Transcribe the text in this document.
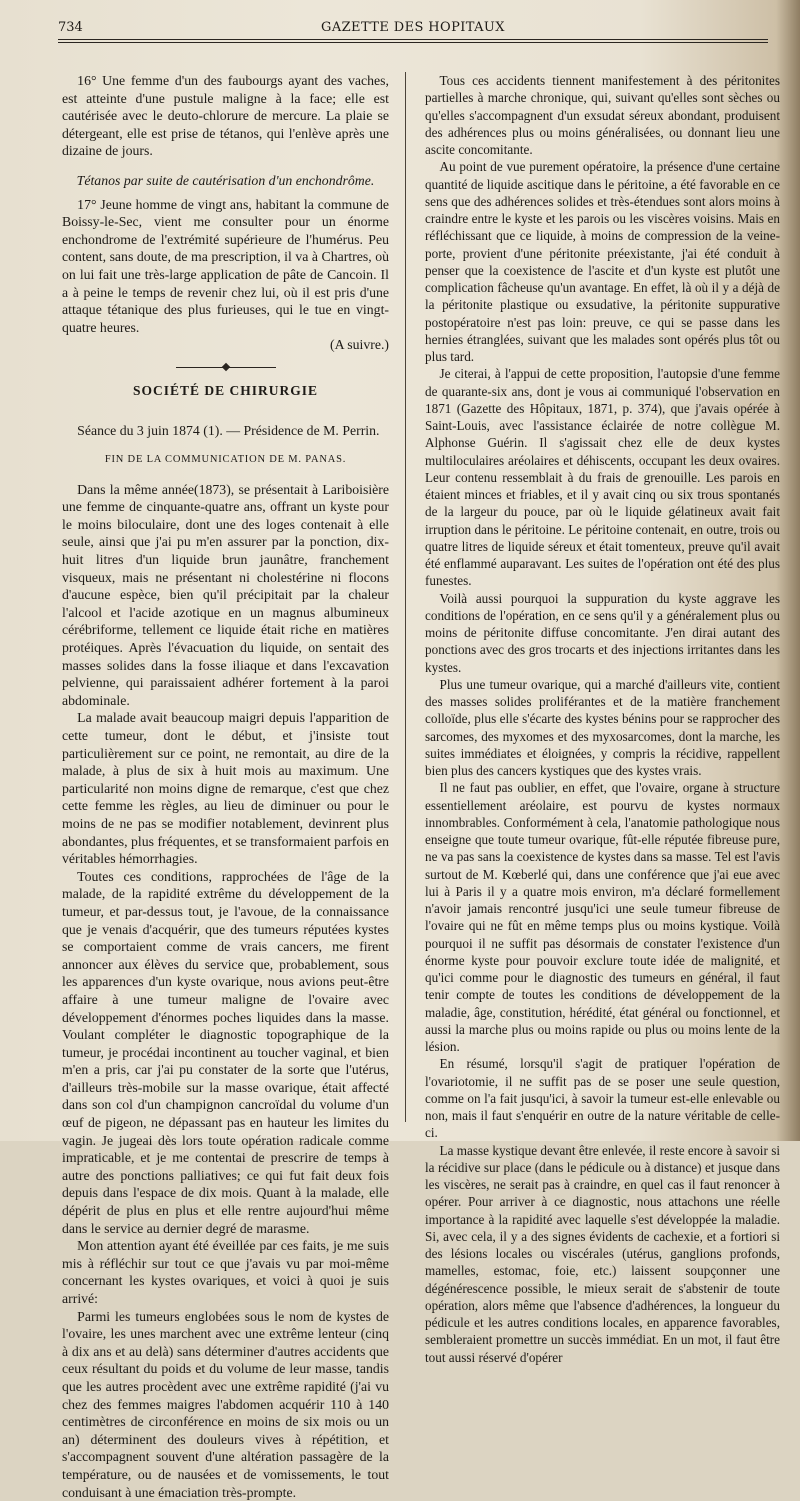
734	GAZETTE DES HOPITAUX

16° Une femme d'un des faubourgs ayant des vaches, est atteinte d'une pustule maligne à la face; elle est cautérisée avec le deuto-chlorure de mercure. La plaie se détergeant, elle est prise de tétanos, qui l'enlève après une dizaine de jours.

Tétanos par suite de cautérisation d'un enchondrôme.

17° Jeune homme de vingt ans, habitant la commune de Boissy-le-Sec, vient me consulter pour un énorme enchondrome de l'extrémité supérieure de l'humérus. Peu content, sans doute, de ma prescription, il va à Chartres, où on lui fait une très-large application de pâte de Cancoin. Il a à peine le temps de revenir chez lui, où il est pris d'une attaque tétanique des plus furieuses, qui le tue en vingt-quatre heures.

(A suivre.)

SOCIÉTÉ DE CHIRURGIE

Séance du 3 juin 1874 (1). — Présidence de M. Perrin.

FIN DE LA COMMUNICATION DE M. PANAS.

Dans la même année(1873), se présentait à Lariboisière une femme de cinquante-quatre ans, offrant un kyste pour le moins biloculaire, dont une des loges contenait à elle seule, ainsi que j'ai pu m'en assurer par la ponction, dix-huit litres d'un liquide brun jaunâtre, franchement visqueux, mais ne présentant ni cholestérine ni flocons d'aucune espèce, bien qu'il précipitait par la chaleur l'alcool et l'acide azotique en un magnus albumineux cérébriforme, tellement ce liquide était riche en matières protéiques. Après l'évacuation du liquide, on sentait des masses solides dans la fosse iliaque et dans l'excavation pelvienne, qui paraissaient adhérer fortement à la paroi abdominale.

La malade avait beaucoup maigri depuis l'apparition de cette tumeur, dont le début, et j'insiste tout particulièrement sur ce point, ne remontait, au dire de la malade, à plus de six à huit mois au maximum. Une particularité non moins digne de remarque, c'est que chez cette femme les règles, au lieu de diminuer ou pour le moins de ne pas se modifier notablement, devinrent plus abondantes, plus fréquentes, et se transformaient parfois en véritables hémorrhagies.

Toutes ces conditions, rapprochées de l'âge de la malade, de la rapidité extrême du développement de la tumeur, et par-dessus tout, je l'avoue, de la connaissance que je venais d'acquérir, que des tumeurs réputées kystes se comportaient comme de vrais cancers, me firent annoncer aux élèves du service que, probablement, sous les apparences d'un kyste ovarique, nous avions peut-être affaire à une tumeur maligne de l'ovaire avec développement d'énormes poches liquides dans la masse. Voulant compléter le diagnostic topographique de la tumeur, je procédai incontinent au toucher vaginal, et bien m'en a pris, car j'ai pu constater de la sorte que l'utérus, d'ailleurs très-mobile sur la masse ovarique, était affecté dans son col d'un champignon cancroïdal du volume d'un œuf de pigeon, ne dépassant pas en hauteur les limites du vagin. Je jugeai dès lors toute opération radicale comme impraticable, et je me contentai de prescrire de temps à autre des ponctions palliatives; ce qui fut fait deux fois depuis dans l'espace de dix mois. Quant à la malade, elle dépérit de plus en plus et elle rentre aujourd'hui même dans le service au dernier degré de marasme.

Mon attention ayant été éveillée par ces faits, je me suis mis à réfléchir sur tout ce que j'avais vu par moi-même concernant les kystes ovariques, et voici à quoi je suis arrivé:

Parmi les tumeurs englobées sous le nom de kystes de l'ovaire, les unes marchent avec une extrême lenteur (cinq à dix ans et au delà) sans déterminer d'autres accidents que ceux résultant du poids et du volume de leur masse, tandis que les autres procèdent avec une extrême rapidité (j'ai vu chez des femmes maigres l'abdomen acquérir 110 à 140 centimètres de circonférence en moins de six mois ou un an) déterminent des douleurs vives à répétition, et s'accompagnent souvent d'une altération passagère de la température, ou de nausées et de vomissements, le tout conduisant à une émaciation très-prompte.

Tous ces accidents tiennent manifestement à des péritonites partielles à marche chronique, qui, suivant qu'elles sont sèches ou qu'elles s'accompagnent d'un exsudat séreux abondant, produisent des adhérences plus ou moins généralisées, ou donnant lieu une ascite concomitante.

Au point de vue purement opératoire, la présence d'une certaine quantité de liquide ascitique dans le péritoine, a été favorable en ce sens que des adhérences solides et très-étendues sont alors moins à craindre entre le kyste et les parois ou les viscères voisins. Mais en réfléchissant que ce liquide, à moins de compression de la veine-porte, provient d'une péritonite préexistante, j'ai été conduit à penser que la coexistence de l'ascite et d'un kyste est plutôt une complication fâcheuse qu'un avantage. En effet, là où il y a déjà de la péritonite plastique ou exsudative, la péritonite suppurative postopératoire n'est pas loin: preuve, ce qui se passe dans les hernies étranglées, suivant que les malades sont opérés plus tôt ou plus tard.

Je citerai, à l'appui de cette proposition, l'autopsie d'une femme de quarante-six ans, dont je vous ai communiqué l'observation en 1871 (Gazette des Hôpitaux, 1871, p. 374), que j'avais opérée à Saint-Louis, avec l'assistance éclairée de notre collègue M. Alphonse Guérin. Il s'agissait chez elle de deux kystes multiloculaires aréolaires et déhiscents, occupant les deux ovaires. Leur contenu ressemblait à du frais de grenouille. Les parois en étaient minces et friables, et il y avait cinq ou six trous spontanés de la largeur du pouce, par où le liquide gélatineux avait fait irruption dans le péritoine. Le péritoine contenait, en outre, trois ou quatre litres de liquide séreux et était tomenteux, preuve qu'il avait été enflammé auparavant. Les suites de l'opération ont été des plus funestes.

Voilà aussi pourquoi la suppuration du kyste aggrave les conditions de l'opération, en ce sens qu'il y a généralement plus ou moins de péritonite diffuse concomitante. J'en dirai autant des ponctions avec des gros trocarts et des injections irritantes dans les kystes.

Plus une tumeur ovarique, qui a marché d'ailleurs vite, contient des masses solides proliférantes et de la matière franchement colloïde, plus elle s'écarte des kystes bénins pour se rapprocher des sarcomes, des myxomes et des myxosarcomes, dont la marche, les suites immédiates et éloignées, y compris la récidive, rappellent bien plus des cancers kystiques que des kystes vrais.

Il ne faut pas oublier, en effet, que l'ovaire, organe à structure essentiellement aréolaire, est pourvu de kystes normaux innombrables. Conformément à cela, l'anatomie pathologique nous enseigne que toute tumeur ovarique, fût-elle réputée fibreuse pure, ne va pas sans la coexistence de kystes dans sa masse. Tel est l'avis surtout de M. Kœberlé qui, dans une conférence que j'ai eue avec lui à Paris il y a quatre mois environ, m'a déclaré formellement n'avoir jamais rencontré jusqu'ici une seule tumeur fibreuse de l'ovaire qui ne fût en même temps plus ou moins kystique. Voilà pourquoi il ne suffit pas désormais de constater l'existence d'un énorme kyste pour pouvoir exclure toute idée de malignité, et qu'ici comme pour le diagnostic des tumeurs en général, il faut tenir compte de toutes les conditions de développement de la maladie, âge, constitution, hérédité, état général ou fonctionnel, et aussi la marche plus ou moins rapide ou plus ou moins lente de la lésion.

En résumé, lorsqu'il s'agit de pratiquer l'opération de l'ovariotomie, il ne suffit pas de se poser une seule question, comme on l'a fait jusqu'ici, à savoir la tumeur est-elle enlevable ou non, mais il faut s'enquérir en outre de la nature véritable de celle-ci.

La masse kystique devant être enlevée, il reste encore à savoir si la récidive sur place (dans le pédicule ou à distance) et jusque dans les viscères, ne serait pas à craindre, en quel cas il faut renoncer à opérer. Pour arriver à ce diagnostic, nous attachons une réelle importance à la rapidité avec laquelle s'est développée la maladie. Si, avec cela, il y a des signes évidents de cachexie, et a fortiori si des lésions locales ou viscérales (utérus, ganglions profonds, mamelles, estomac, foie, etc.) laissent soupçonner une dégénérescence possible, le mieux serait de s'abstenir de toute opération, alors même que l'absence d'adhérences, la longueur du pédicule et les autres conditions locales, en apparence favorables, sembleraient promettre un succès immédiat. En un mot, il faut être tout aussi réservé d'opérer
